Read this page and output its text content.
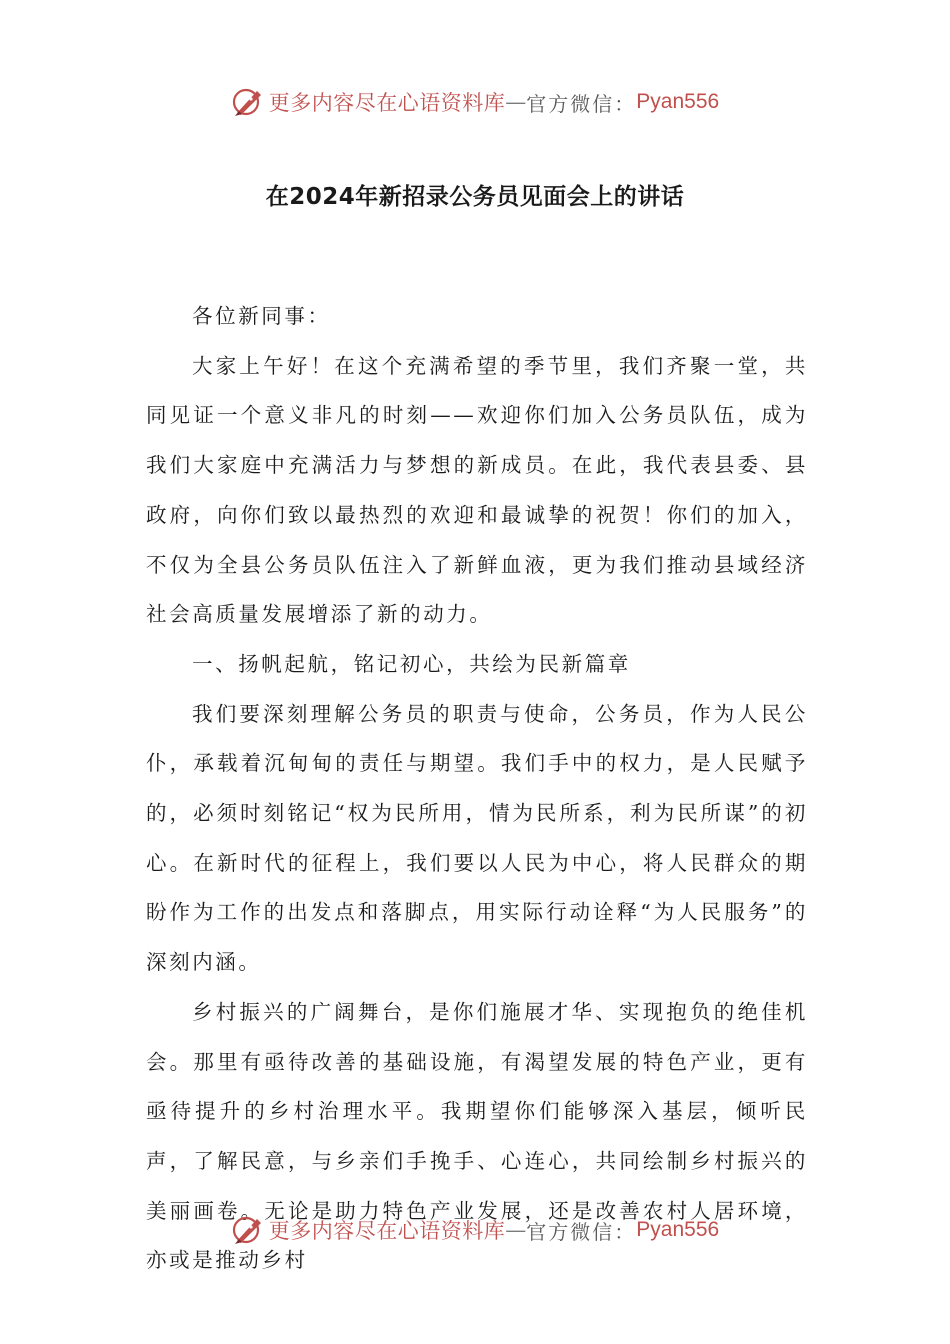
更多内容尽在心语资料库 — 官方微信： Pyan556
在2024年新招录公务员见面会上的讲话

各位新同事：

大家上午好！在这个充满希望的季节里，我们齐聚一堂，共同见证一个意义非凡的时刻——欢迎你们加入公务员队伍，成为我们大家庭中充满活力与梦想的新成员。在此，我代表县委、县政府，向你们致以最热烈的欢迎和最诚挚的祝贺！你们的加入，不仅为全县公务员队伍注入了新鲜血液，更为我们推动县域经济社会高质量发展增添了新的动力。

一、扬帆起航，铭记初心，共绘为民新篇章

我们要深刻理解公务员的职责与使命，公务员，作为人民公仆，承载着沉甸甸的责任与期望。我们手中的权力，是人民赋予的，必须时刻铭记“权为民所用，情为民所系，利为民所谋”的初心。在新时代的征程上，我们要以人民为中心，将人民群众的期盼作为工作的出发点和落脚点，用实际行动诠释“为人民服务”的深刻内涵。

乡村振兴的广阔舞台，是你们施展才华、实现抱负的绝佳机会。那里有亟待改善的基础设施，有渴望发展的特色产业，更有亟待提升的乡村治理水平。我期望你们能够深入基层，倾听民声，了解民意，与乡亲们手挽手、心连心，共同绘制乡村振兴的美丽画卷。无论是助力特色产业发展，还是改善农村人居环境，亦或是推动乡村

更多内容尽在心语资料库 — 官方微信： Pyan556
